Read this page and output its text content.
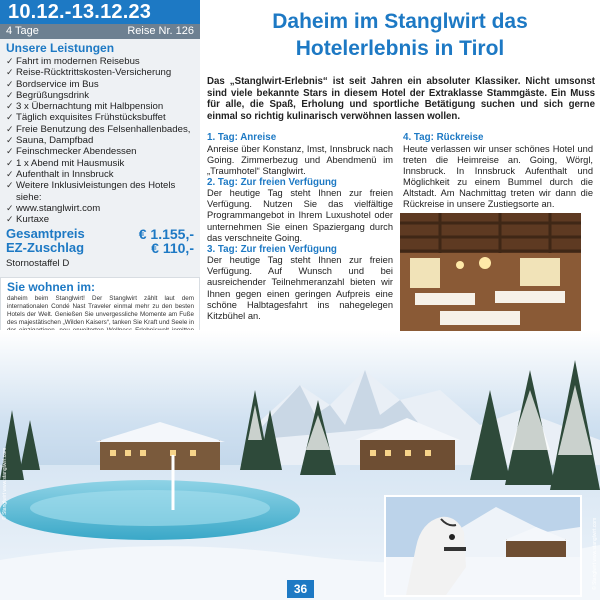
10.12.-13.12.23
4 Tage	Reise Nr. 126
Unsere Leistungen
✓ Fahrt im modernen Reisebus
✓ Reise-Rücktrittskosten-Versicherung
✓ Bordservice im Bus
✓ Begrüßungsdrink
✓ 3 x Übernachtung mit Halbpension
✓ Täglich exquisites Frühstücksbuffet
✓ Freie Benutzung des Felsenhallenbades,
✓ Sauna, Dampfbad
✓ Feinschmecker Abendessen
✓ 1 x Abend mit Hausmusik
✓ Aufenthalt in Innsbruck
✓ Weitere Inklusivleistungen des Hotels siehe:
✓ www.stanglwirt.com
✓ Kurtaxe
Gesamtpreis	€ 1.155,-
EZ-Zuschlag	€ 110,-
Stornostaffel D
Sie wohnen im:
daheim beim Stanglwirt! Der Stanglwirt zählt laut dem internationalen Condé Nast Traveler einmal mehr zu den besten Hotels der Welt. Genießen Sie unvergessliche Momente am Fuße des majestätischen „Wilden Kaisers“, tanken Sie Kraft und Seele in
Daheim im Stanglwirt das
Hotelerlebnis in Tirol
Das „Stanglwirt-Erlebnis“ ist seit Jahren ein absoluter Klassiker. Nicht umsonst sind viele bekannte Stars in diesem Hotel der Extraklasse Stammgäste. Ein Muss für alle, die Spaß, Erholung und sportliche Betätigung suchen und sich gerne einmal so richtig kulinarisch verwöhnen lassen wollen.
1. Tag: Anreise
Anreise über Konstanz, Imst, Innsbruck nach Going. Zimmerbezug und Abendmenü im „Traumhotel“ Stanglwirt.
2. Tag: Zur freien Verfügung
Der heutige Tag steht Ihnen zur freien Verfügung. Nutzen Sie das vielfältige Programmangebot in Ihrem Luxushotel oder unternehmen Sie einen Spaziergang durch das verschneite Going.
3. Tag: Zur freien Verfügung
Der heutige Tag steht Ihnen zur freien Verfügung. Auf Wunsch und bei ausreichender Teilnehmeranzahl bieten wir Ihnen gegen einen geringen Aufpreis eine schöne Halbtagesfahrt ins nahegelegen Kitzbühel an.
4. Tag: Rückreise
Heute verlassen wir unser schönes Hotel und treten die Heimreise an. Going, Wörgl, Innsbruck. In Innsbruck Aufenthalt und Möglichkeit zu einem Bummel durch die Altstadt. Am Nachmittag treten wir dann die Rückreise in unsere Zustiegsorte an.
© Stanglwirt www.stanglwirt.com
© Stanglwirt www.stanglwirt.com
36
